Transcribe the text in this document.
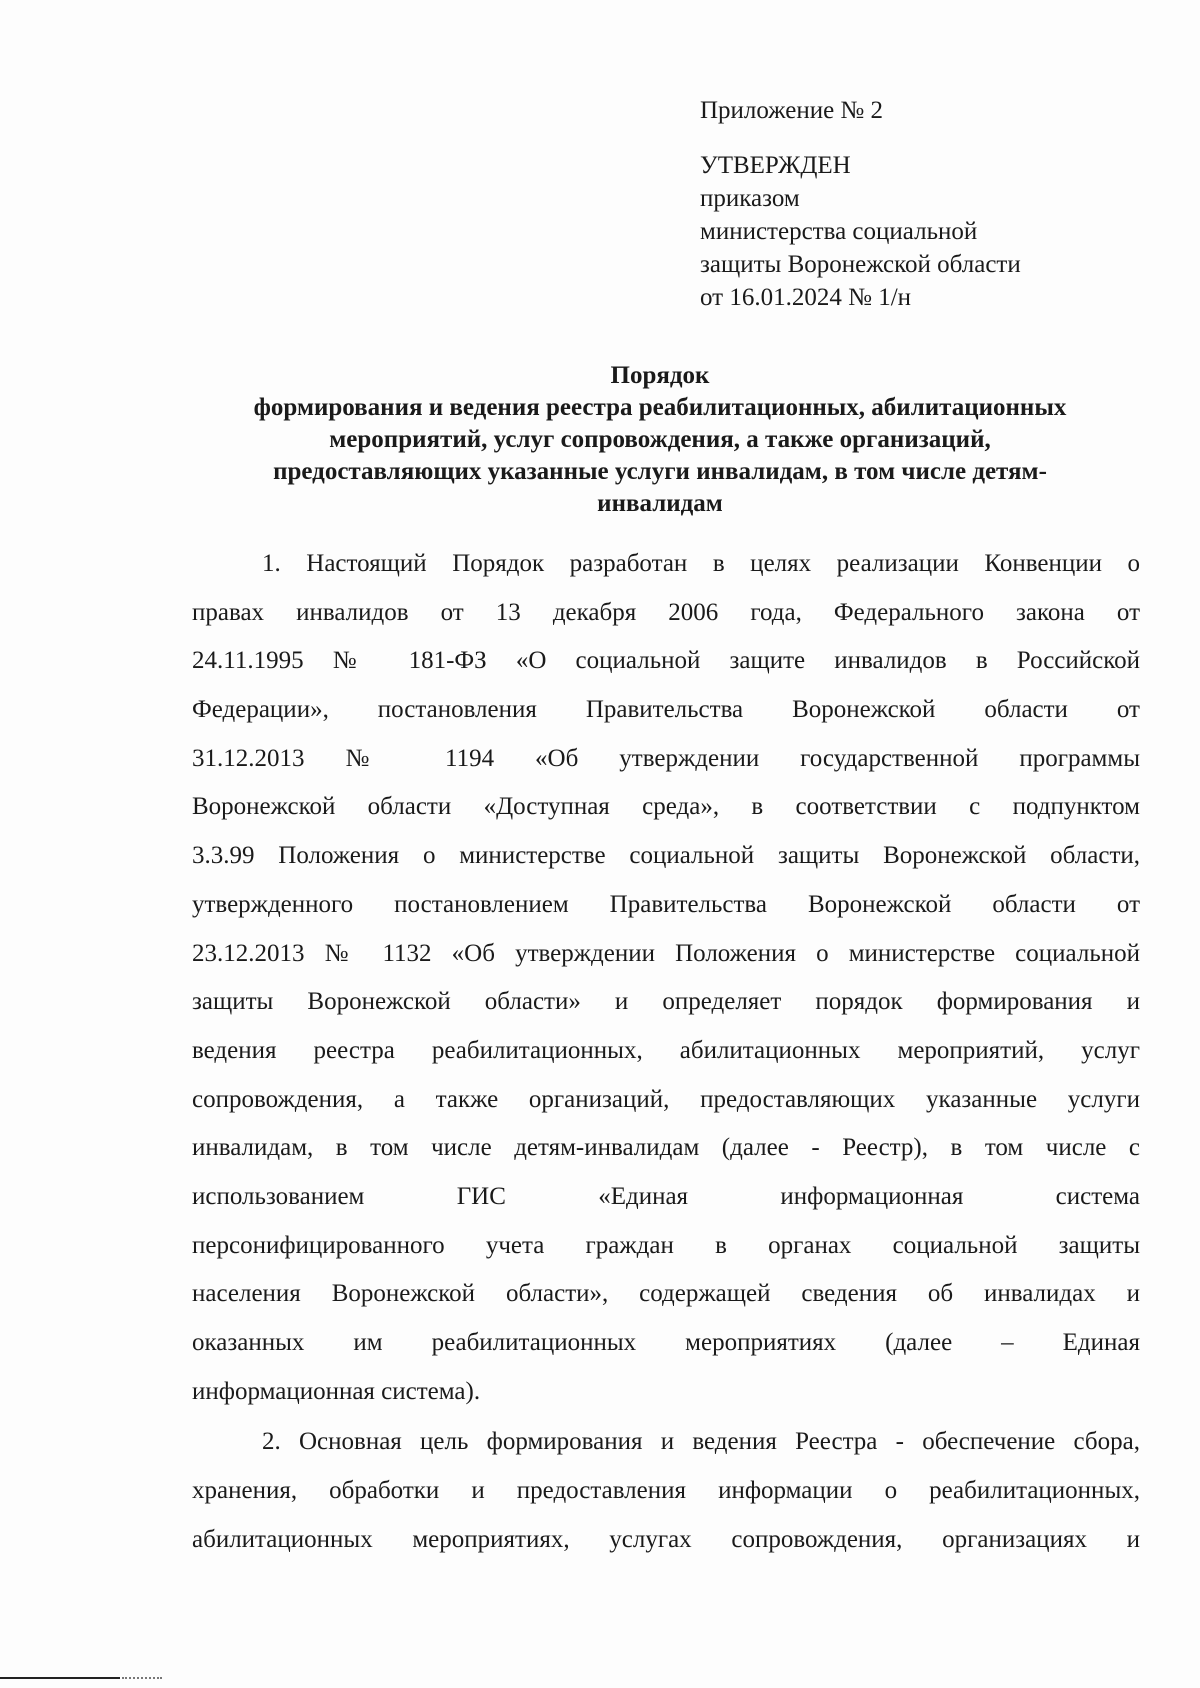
Приложение № 2
УТВЕРЖДЕН
приказом
министерства социальной
защиты Воронежской области
от 16.01.2024 № 1/н
Порядок
формирования и ведения реестра реабилитационных, абилитационных
мероприятий, услуг сопровождения, а также организаций,
предоставляющих указанные услуги инвалидам, в том числе детям-
инвалидам
1. Настоящий Порядок разработан в целях реализации Конвенции о
правах инвалидов от 13 декабря 2006 года, Федерального закона от
24.11.1995 № 181-ФЗ «О социальной защите инвалидов в Российской
Федерации», постановления Правительства Воронежской области от
31.12.2013 № 1194 «Об утверждении государственной программы
Воронежской области «Доступная среда», в соответствии с подпунктом
3.3.99 Положения о министерстве социальной защиты Воронежской области,
утвержденного постановлением Правительства Воронежской области от
23.12.2013 № 1132 «Об утверждении Положения о министерстве социальной
защиты Воронежской области» и определяет порядок формирования и
ведения реестра реабилитационных, абилитационных мероприятий, услуг
сопровождения, а также организаций, предоставляющих указанные услуги
инвалидам, в том числе детям-инвалидам (далее - Реестр), в том числе с
использованием ГИС «Единая информационная система
персонифицированного учета граждан в органах социальной защиты
населения Воронежской области», содержащей сведения об инвалидах и
оказанных им реабилитационных мероприятиях (далее – Единая
информационная система).
2. Основная цель формирования и ведения Реестра - обеспечение сбора,
хранения, обработки и предоставления информации о реабилитационных,
абилитационных мероприятиях, услугах сопровождения, организациях и
